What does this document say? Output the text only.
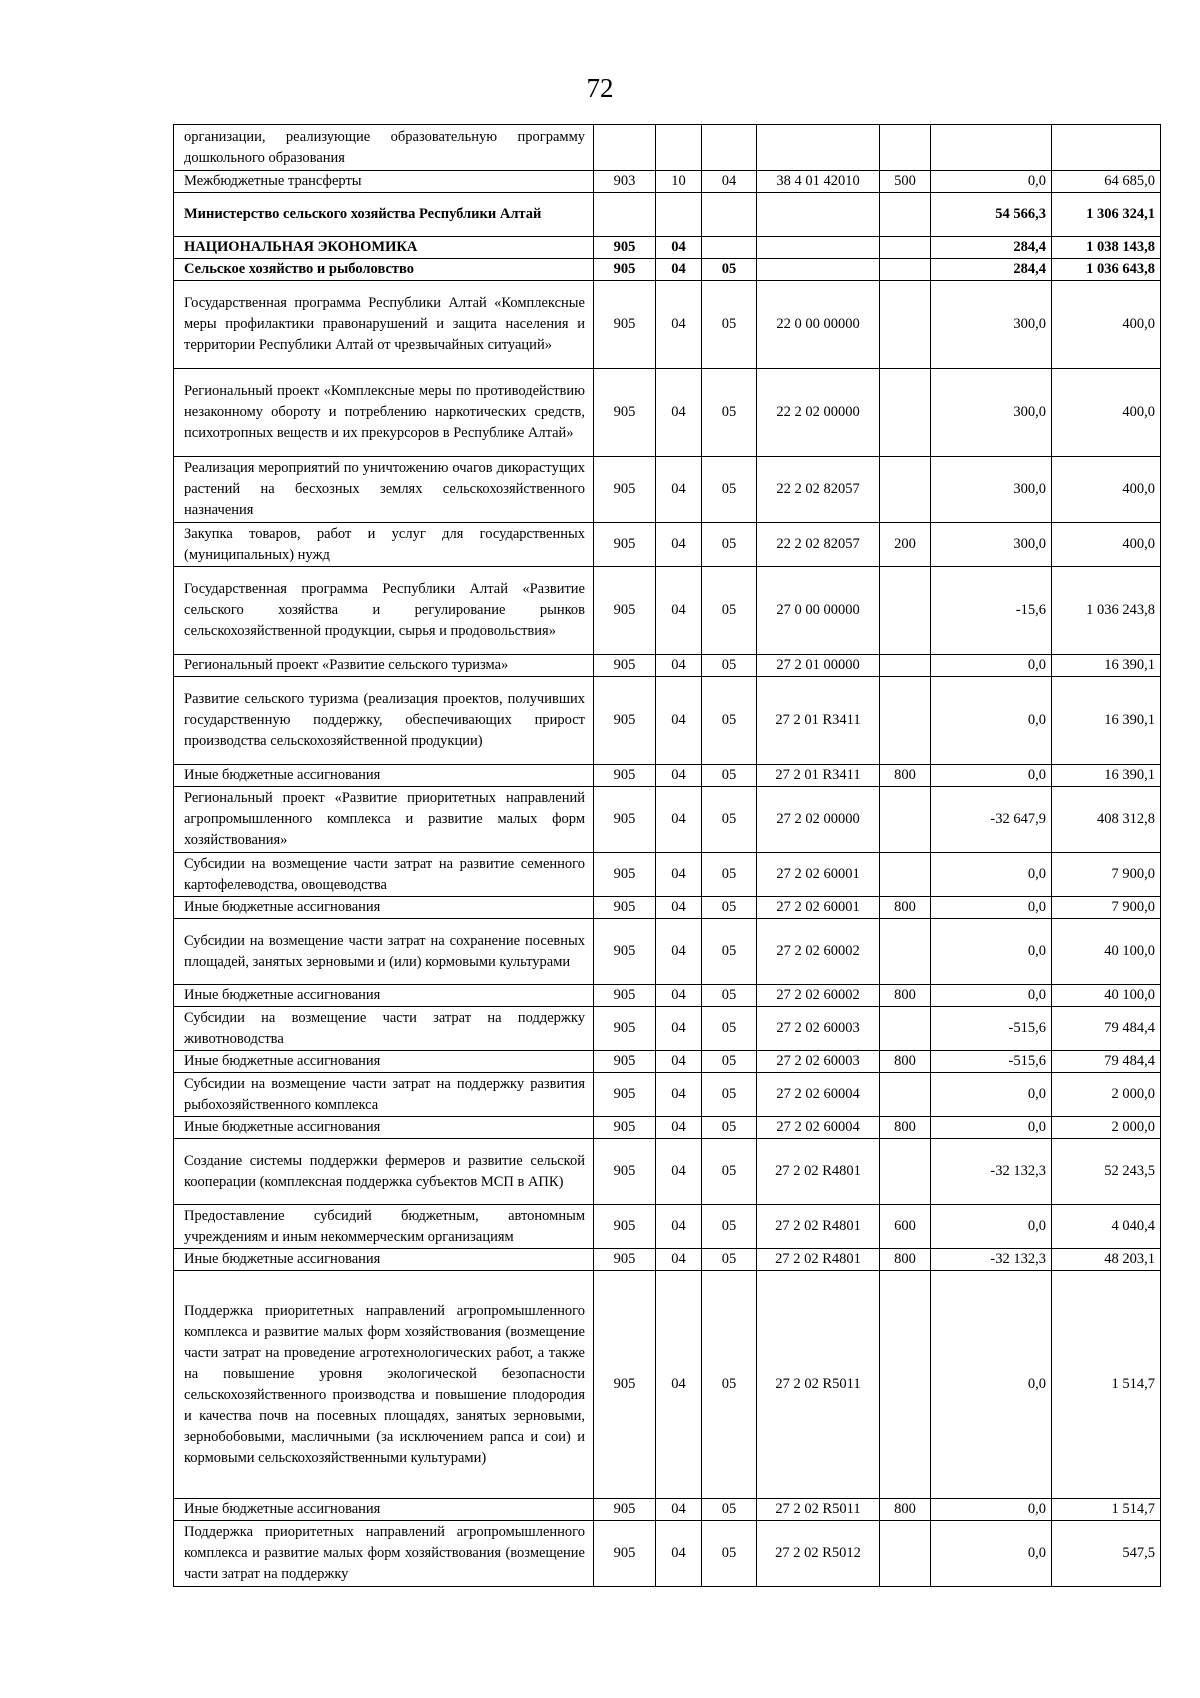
72
организации, реализующие образовательную программу дошкольного образования							
Межбюджетные трансферты	903	10	04	38 4 01 42010	500	0,0	64 685,0
Министерство сельского хозяйства Республики Алтай						54 566,3	1 306 324,1
НАЦИОНАЛЬНАЯ ЭКОНОМИКА	905	04				284,4	1 038 143,8
Сельское хозяйство и рыболовство	905	04	05			284,4	1 036 643,8
Государственная программа Республики Алтай «Комплексные меры профилактики правонарушений и защита населения и территории Республики Алтай от чрезвычайных ситуаций»	905	04	05	22 0 00 00000		300,0	400,0
Региональный проект «Комплексные меры по противодействию незаконному обороту и потреблению наркотических средств, психотропных веществ и их прекурсоров в Республике Алтай»	905	04	05	22 2 02 00000		300,0	400,0
Реализация мероприятий по уничтожению очагов дикорастущих растений на бесхозных землях сельскохозяйственного назначения	905	04	05	22 2 02 82057		300,0	400,0
Закупка товаров, работ и услуг для государственных (муниципальных) нужд	905	04	05	22 2 02 82057	200	300,0	400,0
Государственная программа Республики Алтай «Развитие сельского хозяйства и регулирование рынков сельскохозяйственной продукции, сырья и продовольствия»	905	04	05	27 0 00 00000		-15,6	1 036 243,8
Региональный проект «Развитие сельского туризма»	905	04	05	27 2 01 00000		0,0	16 390,1
Развитие сельского туризма (реализация проектов, получивших государственную поддержку, обеспечивающих прирост производства сельскохозяйственной продукции)	905	04	05	27 2 01 R3411		0,0	16 390,1
Иные бюджетные ассигнования	905	04	05	27 2 01 R3411	800	0,0	16 390,1
Региональный проект «Развитие приоритетных направлений агропромышленного комплекса и развитие малых форм хозяйствования»	905	04	05	27 2 02 00000		-32 647,9	408 312,8
Субсидии на возмещение части затрат на развитие семенного картофелеводства, овощеводства	905	04	05	27 2 02 60001		0,0	7 900,0
Иные бюджетные ассигнования	905	04	05	27 2 02 60001	800	0,0	7 900,0
Субсидии на возмещение части затрат на сохранение посевных площадей, занятых зерновыми и (или) кормовыми культурами	905	04	05	27 2 02 60002		0,0	40 100,0
Иные бюджетные ассигнования	905	04	05	27 2 02 60002	800	0,0	40 100,0
Субсидии на возмещение части затрат на поддержку животноводства	905	04	05	27 2 02 60003		-515,6	79 484,4
Иные бюджетные ассигнования	905	04	05	27 2 02 60003	800	-515,6	79 484,4
Субсидии на возмещение части затрат на поддержку развития рыбохозяйственного комплекса	905	04	05	27 2 02 60004		0,0	2 000,0
Иные бюджетные ассигнования	905	04	05	27 2 02 60004	800	0,0	2 000,0
Создание системы поддержки фермеров и развитие сельской кооперации (комплексная поддержка субъектов МСП в АПК)	905	04	05	27 2 02 R4801		-32 132,3	52 243,5
Предоставление субсидий бюджетным, автономным учреждениям и иным некоммерческим организациям	905	04	05	27 2 02 R4801	600	0,0	4 040,4
Иные бюджетные ассигнования	905	04	05	27 2 02 R4801	800	-32 132,3	48 203,1
Поддержка приоритетных направлений агропромышленного комплекса и развитие малых форм хозяйствования (возмещение части затрат на проведение агротехнологических работ, а также на повышение уровня экологической безопасности сельскохозяйственного производства и повышение плодородия и качества почв на посевных площадях, занятых зерновыми, зернобобовыми, масличными (за исключением рапса и сои) и кормовыми сельскохозяйственными культурами)	905	04	05	27 2 02 R5011		0,0	1 514,7
Иные бюджетные ассигнования	905	04	05	27 2 02 R5011	800	0,0	1 514,7
Поддержка приоритетных направлений агропромышленного комплекса и развитие малых форм хозяйствования (возмещение части затрат на поддержку	905	04	05	27 2 02 R5012		0,0	547,5
